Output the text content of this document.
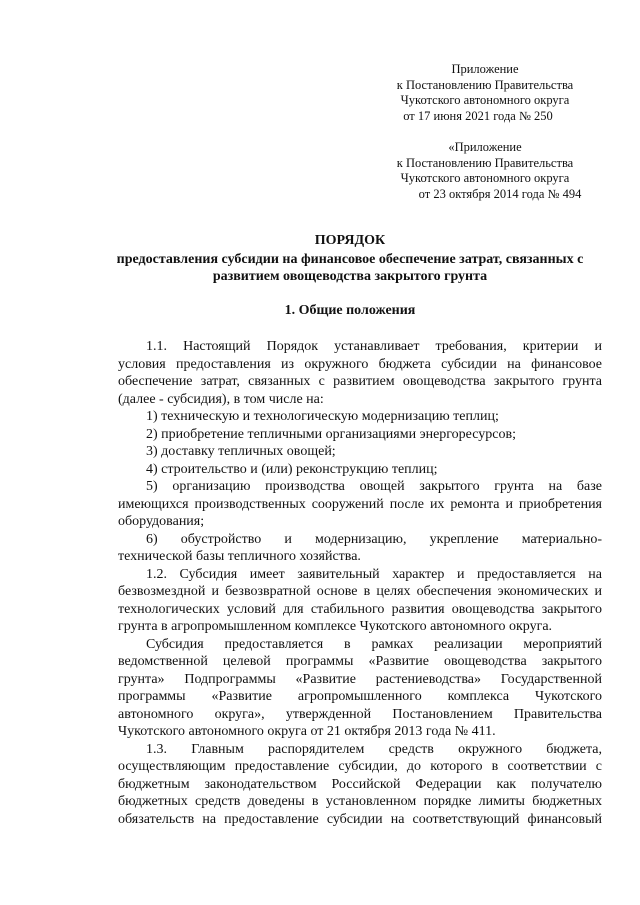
Приложение
к Постановлению Правительства
Чукотского автономного округа
от 17 июня 2021 года № 250
«Приложение
к Постановлению Правительства
Чукотского автономного округа
от 23 октября 2014 года № 494
ПОРЯДОК
предоставления субсидии на финансовое обеспечение затрат, связанных с
развитием овощеводства закрытого грунта
1. Общие положения
1.1. Настоящий Порядок устанавливает требования, критерии и
условия предоставления из окружного бюджета субсидии на финансовое
обеспечение затрат, связанных с развитием овощеводства закрытого грунта
(далее - субсидия), в том числе на:
1) техническую и технологическую модернизацию теплиц;
2) приобретение тепличными организациями энергоресурсов;
3) доставку тепличных овощей;
4) строительство и (или) реконструкцию теплиц;
5) организацию производства овощей закрытого грунта на базе
имеющихся производственных сооружений после их ремонта и приобретения
оборудования;
6) обустройство и модернизацию, укрепление материально-
технической базы тепличного хозяйства.
1.2. Субсидия имеет заявительный характер и предоставляется на
безвозмездной и безвозвратной основе в целях обеспечения экономических и
технологических условий для стабильного развития овощеводства закрытого
грунта в агропромышленном комплексе Чукотского автономного округа.
Субсидия предоставляется в рамках реализации мероприятий
ведомственной целевой программы «Развитие овощеводства закрытого
грунта» Подпрограммы «Развитие растениеводства» Государственной
программы «Развитие агропромышленного комплекса Чукотского
автономного округа», утвержденной Постановлением Правительства
Чукотского автономного округа от 21 октября 2013 года № 411.
1.3. Главным распорядителем средств окружного бюджета,
осуществляющим предоставление субсидии, до которого в соответствии с
бюджетным законодательством Российской Федерации как получателю
бюджетных средств доведены в установленном порядке лимиты бюджетных
обязательств на предоставление субсидии на соответствующий финансовый
